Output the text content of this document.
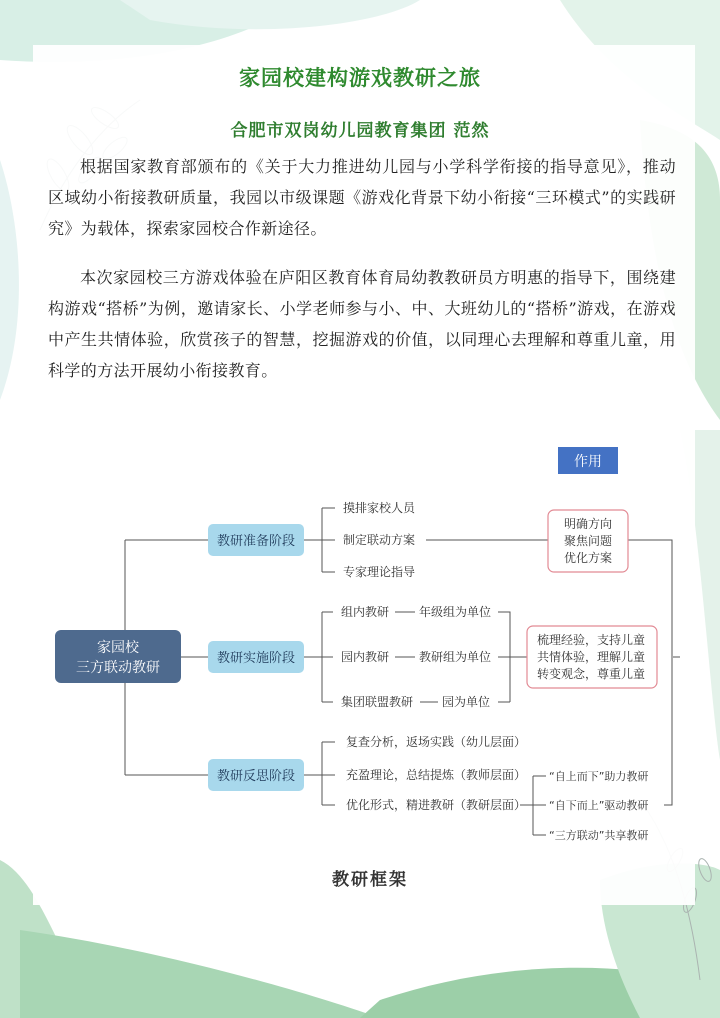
家园校建构游戏教研之旅
合肥市双岗幼儿园教育集团 范然

根据国家教育部颁布的《关于大力推进幼儿园与小学科学衔接的指导意见》，推动区域幼小衔接教研质量，我园以市级课题《游戏化背景下幼小衔接“三环模式”的实践研究》为载体，探索家园校合作新途径。

本次家园校三方游戏体验在庐阳区教育体育局幼教教研员方明惠的指导下，围绕建构游戏“搭桥”为例，邀请家长、小学老师参与小、中、大班幼儿的“搭桥”游戏，在游戏中产生共情体验，欣赏孩子的智慧，挖掘游戏的价值，以同理心去理解和尊重儿童，用科学的方法开展幼小衔接教育。

作用
家园校
三方联动教研
教研准备阶段
教研实施阶段
教研反思阶段
摸排家校人员
制定联动方案
专家理论指导
组内教研 年级组为单位
园内教研 教研组为单位
集团联盟教研 园为单位
复查分析，返场实践（幼儿层面）
充盈理论，总结提炼（教师层面）
优化形式，精进教研（教研层面）
明确方向
聚焦问题
优化方案
梳理经验，支持儿童
共情体验，理解儿童
转变观念，尊重儿童
“自上而下”助力教研
“自下而上”驱动教研
“三方联动”共享教研
教研框架
